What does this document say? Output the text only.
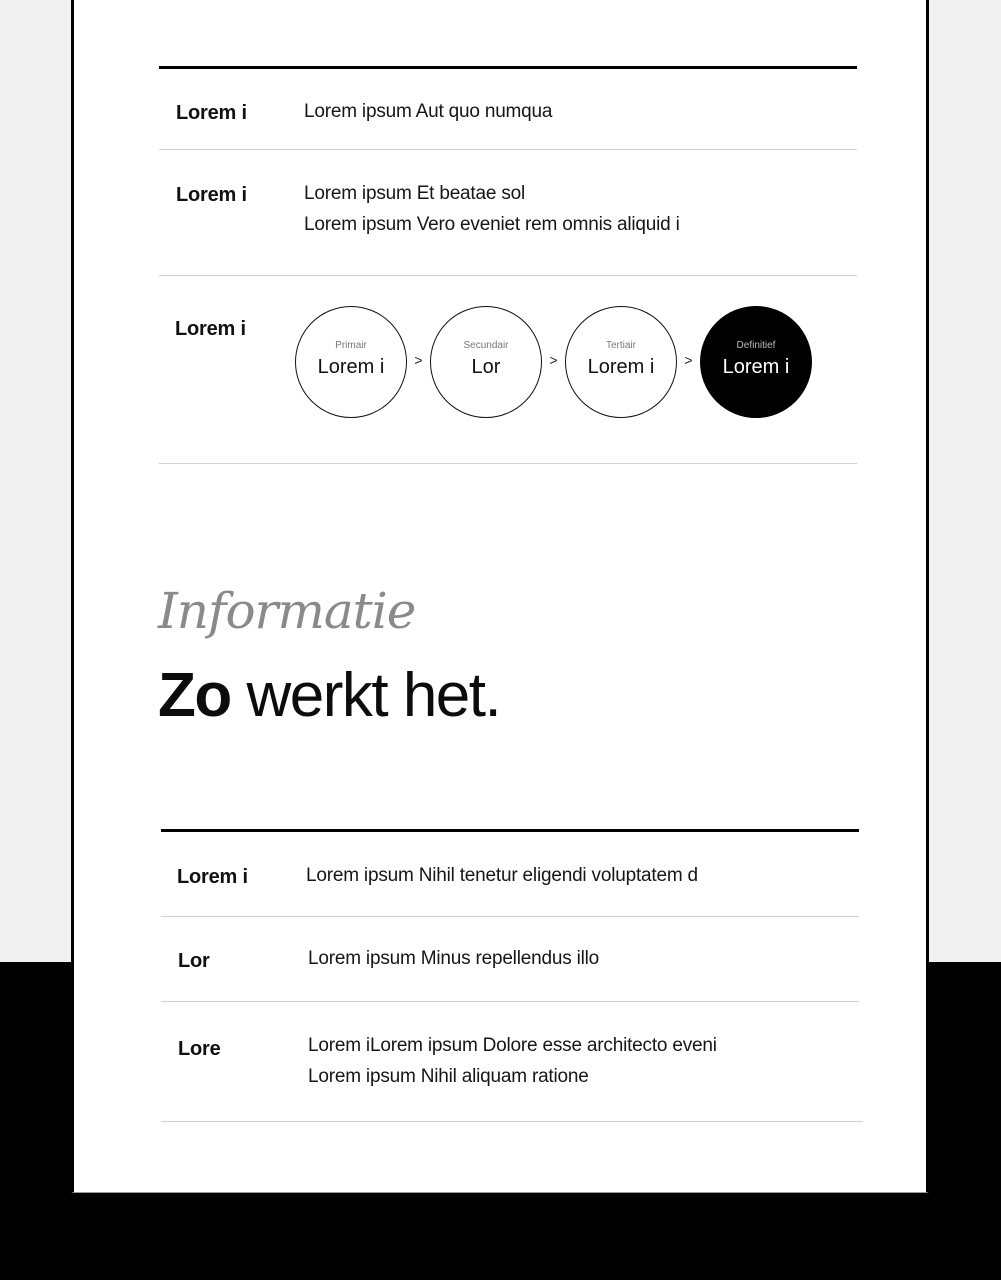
Lorem i	Lorem ipsum Aut quo numqua
Lorem i	Lorem ipsum Et beatae sol
Lorem ipsum Vero eveniet rem omnis aliquid i
Lorem i
Primair
Lorem i	>
Secundair
Lor	>
Tertiair
Lorem i	>
Definitief
Lorem i
Informatie
Zo werkt het.
Lorem i	Lorem ipsum Nihil tenetur eligendi voluptatem d
Lor	Lorem ipsum Minus repellendus illo
Lore	Lorem iLorem ipsum Dolore esse architecto eveni
Lorem ipsum Nihil aliquam ratione
